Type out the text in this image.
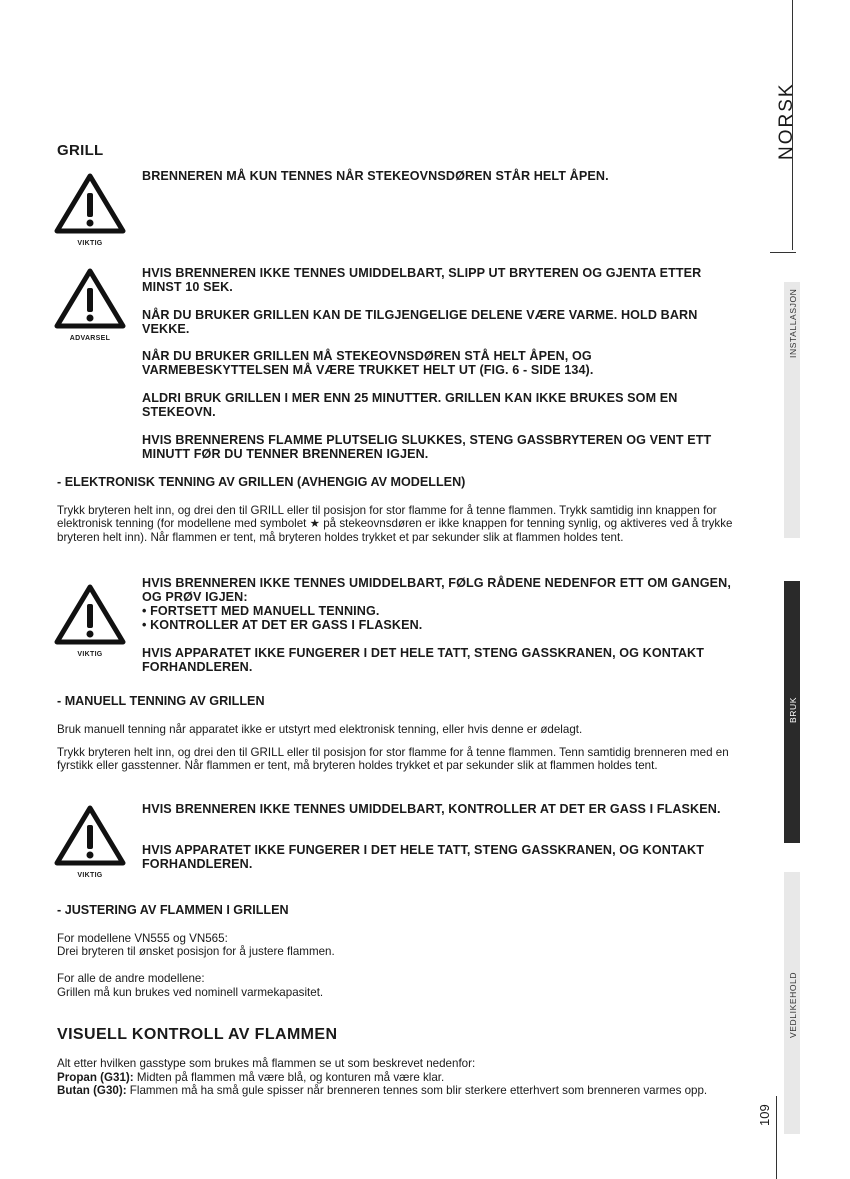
NORSK
INSTALLASJON
BRUK
VEDLIKEHOLD
109
GRILL
VIKTIG
BRENNEREN MÅ KUN TENNES NÅR STEKEOVNSDØREN STÅR HELT ÅPEN.
ADVARSEL
HVIS BRENNEREN IKKE TENNES UMIDDELBART, SLIPP UT BRYTEREN OG GJENTA ETTER MINST 10 SEK.
NÅR DU BRUKER GRILLEN KAN DE TILGJENGELIGE DELENE VÆRE VARME. HOLD BARN VEKKE.
NÅR DU BRUKER GRILLEN MÅ STEKEOVNSDØREN STÅ HELT ÅPEN, OG VARMEBESKYTTELSEN MÅ VÆRE TRUKKET HELT UT (FIG. 6 - SIDE 134).
ALDRI BRUK GRILLEN I MER ENN 25 MINUTTER. GRILLEN KAN IKKE BRUKES SOM EN STEKEOVN.
HVIS BRENNERENS FLAMME PLUTSELIG SLUKKES, STENG GASSBRYTEREN OG VENT ETT MINUTT FØR DU TENNER BRENNEREN IGJEN.
- ELEKTRONISK TENNING AV GRILLEN (AVHENGIG AV MODELLEN)
Trykk bryteren helt inn, og drei den til GRILL eller til posisjon for stor flamme for å tenne flammen. Trykk samtidig inn knappen for elektronisk tenning (for modellene med symbolet ★ på stekeovnsdøren er ikke knappen for tenning synlig, og aktiveres ved å trykke bryteren helt inn). Når flammen er tent, må bryteren holdes trykket et par sekunder slik at flammen holdes tent.
VIKTIG
HVIS BRENNEREN IKKE TENNES UMIDDELBART, FØLG RÅDENE NEDENFOR ETT OM GANGEN, OG PRØV IGJEN:
• FORTSETT MED MANUELL TENNING.
• KONTROLLER AT DET ER GASS I FLASKEN.
HVIS APPARATET IKKE FUNGERER I DET HELE TATT, STENG GASSKRANEN, OG KONTAKT FORHANDLEREN.
- MANUELL TENNING AV GRILLEN
Bruk manuell tenning når apparatet ikke er utstyrt med elektronisk tenning, eller hvis denne er ødelagt.
Trykk bryteren helt inn, og drei den til GRILL eller til posisjon for stor flamme for å tenne flammen. Tenn samtidig brenneren med en fyrstikk eller gasstenner. Når flammen er tent, må bryteren holdes trykket et par sekunder slik at flammen holdes tent.
VIKTIG
HVIS BRENNEREN IKKE TENNES UMIDDELBART, KONTROLLER AT DET ER GASS I FLASKEN.
HVIS APPARATET IKKE FUNGERER I DET HELE TATT, STENG GASSKRANEN, OG KONTAKT FORHANDLEREN.
- JUSTERING AV FLAMMEN I GRILLEN
For modellene VN555 og VN565:
Drei bryteren til ønsket posisjon for å justere flammen.
For alle de andre modellene:
Grillen må kun brukes ved nominell varmekapasitet.
VISUELL KONTROLL AV FLAMMEN
Alt etter hvilken gasstype som brukes må flammen se ut som beskrevet nedenfor:
Propan (G31): Midten på flammen må være blå, og konturen må være klar.
Butan (G30): Flammen må ha små gule spisser når brenneren tennes som blir sterkere etterhvert som brenneren varmes opp.
